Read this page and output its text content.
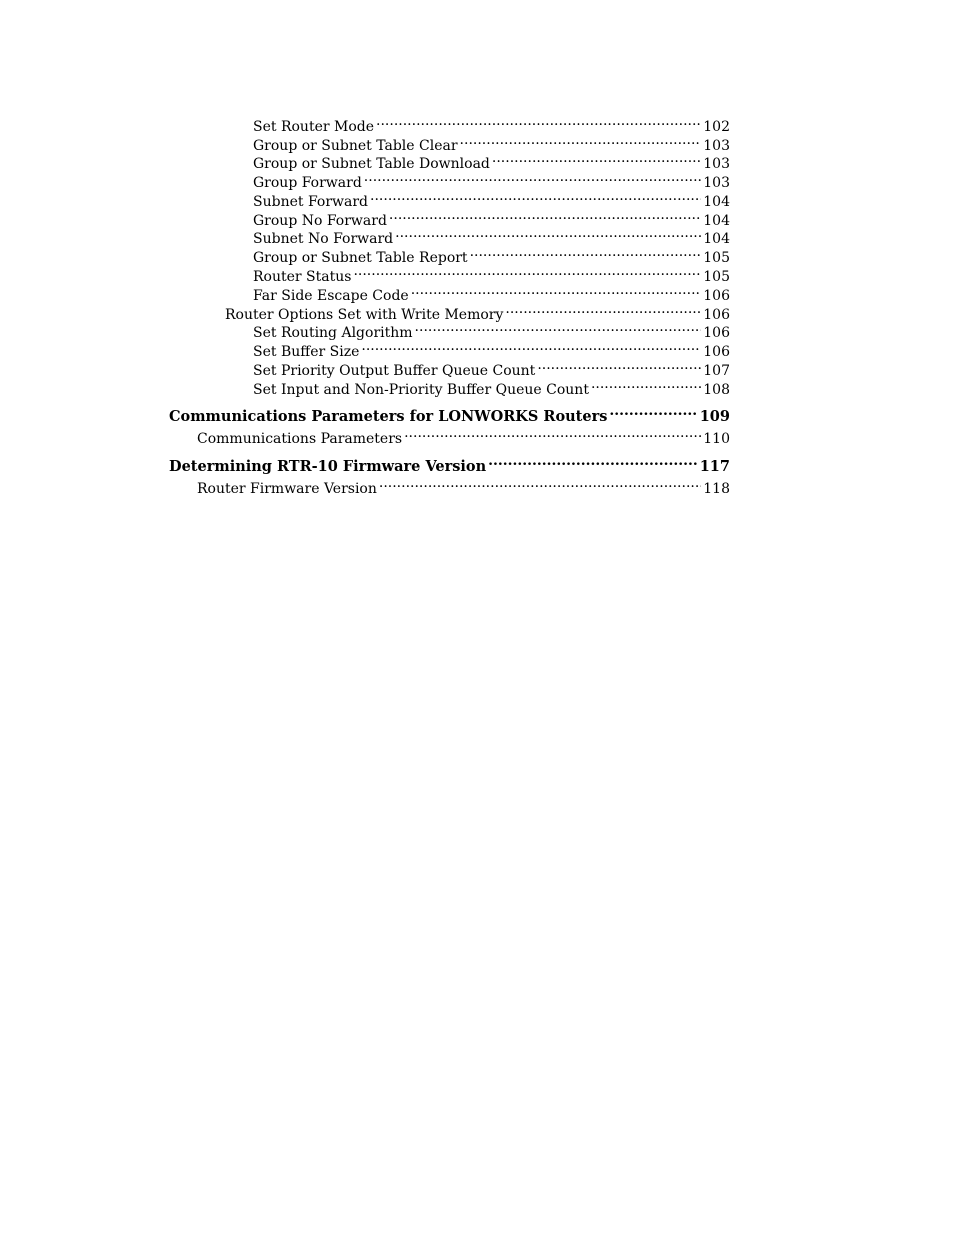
Set Router Mode .....	102
Group or Subnet Table Clear .....	103
Group or Subnet Table Download .....	103
Group Forward .....	103
Subnet Forward .....	104
Group No Forward .....	104
Subnet No Forward .....	104
Group or Subnet Table Report .....	105
Router Status .....	105
Far Side Escape Code .....	106
Router Options Set with Write Memory .....	106
Set Routing Algorithm .....	106
Set Buffer Size .....	106
Set Priority Output Buffer Queue Count .....	107
Set Input and Non-Priority Buffer Queue Count .....	108
Communications Parameters for LONWORKS Routers .....	109
Communications Parameters .....	110
Determining RTR-10 Firmware Version .....	117
Router Firmware Version .....	118
